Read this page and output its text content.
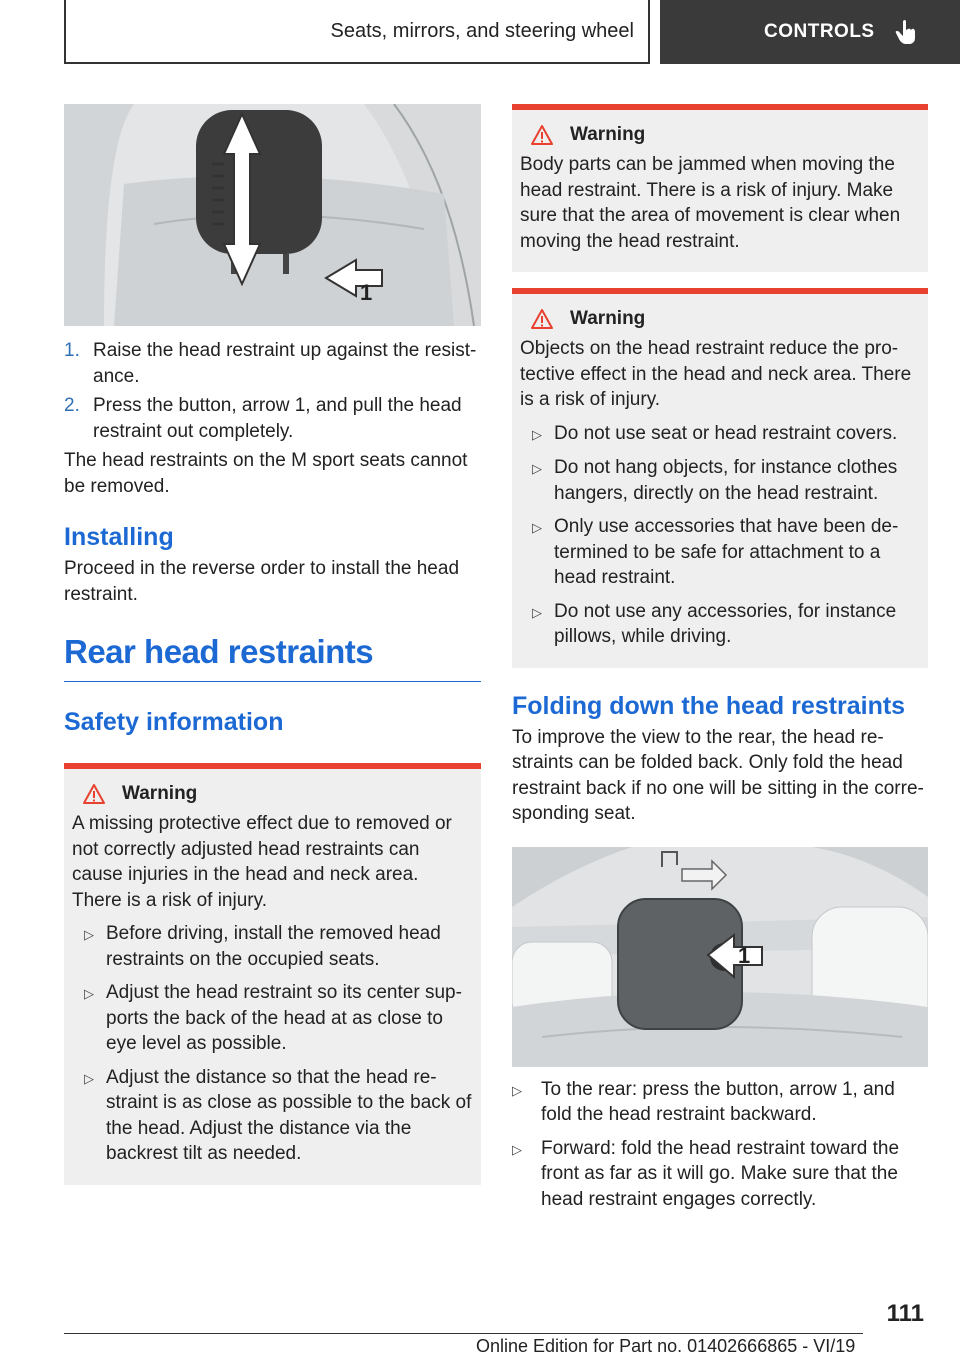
Seats, mirrors, and steering wheel	CONTROLS
1
1. Raise the head restraint up against the resist-ance.
2. Press the button, arrow 1, and pull the head restraint out completely.

The head restraints on the M sport seats cannot be removed.

Installing

Proceed in the reverse order to install the head restraint.

Rear head restraints
Safety information
Warning

A missing protective effect due to removed or not correctly adjusted head restraints can cause injuries in the head and neck area. There is a risk of injury.

▷ Before driving, install the removed head restraints on the occupied seats.
▷ Adjust the head restraint so its center sup-ports the back of the head at as close to eye level as possible.
▷ Adjust the distance so that the head re-straint is as close as possible to the back of the head. Adjust the distance via the backrest tilt as needed.
Warning

Body parts can be jammed when moving the head restraint. There is a risk of injury. Make sure that the area of movement is clear when moving the head restraint.

Warning

Objects on the head restraint reduce the pro-tective effect in the head and neck area. There is a risk of injury.

▷ Do not use seat or head restraint covers.
▷ Do not hang objects, for instance clothes hangers, directly on the head restraint.
▷ Only use accessories that have been de-termined to be safe for attachment to a head restraint.
▷ Do not use any accessories, for instance pillows, while driving.
Folding down the head restraints

To improve the view to the rear, the head re-straints can be folded back. Only fold the head restraint back if no one will be sitting in the corre-sponding seat.

1
▷	To the rear: press the button, arrow 1, and fold the head restraint backward.
▷	Forward: fold the head restraint toward the front as far as it will go. Make sure that the head restraint engages correctly.
111
Online Edition for Part no. 01402666865 - VI/19
